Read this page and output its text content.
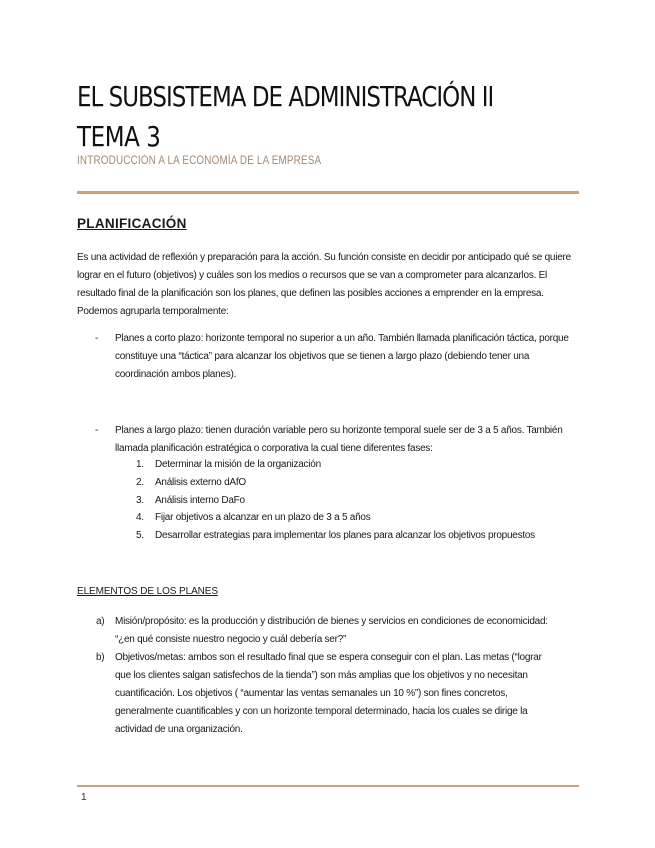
EL SUBSISTEMA DE ADMINISTRACIÓN II
TEMA 3
INTRODUCCIÓN A LA ECONOMÍA DE LA EMPRESA
PLANIFICACIÓN

Es una actividad de reflexión y preparación para la acción. Su función consiste en decidir por anticipado qué se quiere lograr en el futuro (objetivos) y cuáles son los medios o recursos que se van a comprometer para alcanzarlos. El resultado final de la planificación son los planes, que definen las posibles acciones a emprender en la empresa. Podemos agruparla temporalmente:

- Planes a corto plazo: horizonte temporal no superior a un año. También llamada planificación táctica, porque constituye una “táctica” para alcanzar los objetivos que se tienen a largo plazo (debiendo tener una coordinación ambos planes).
- Planes a largo plazo: tienen duración variable pero su horizonte temporal suele ser de 3 a 5 años. También llamada planificación estratégica o corporativa la cual tiene diferentes fases:
1. Determinar la misión de la organización
2. Análisis externo dAfO
3. Análisis interno DaFo
4. Fijar objetivos a alcanzar en un plazo de 3 a 5 años
5. Desarrollar estrategias para implementar los planes para alcanzar los objetivos propuestos
ELEMENTOS DE LOS PLANES
a) Misión/propósito: es la producción y distribución de bienes y servicios en condiciones de economicidad: “¿en qué consiste nuestro negocio y cuál debería ser?”
b) Objetivos/metas: ambos son el resultado final que se espera conseguir con el plan. Las metas (“lograr que los clientes salgan satisfechos de la tienda”) son más amplias que los objetivos y no necesitan cuantificación. Los objetivos ( “aumentar las ventas semanales un 10 %”) son fines concretos, generalmente cuantificables y con un horizonte temporal determinado, hacia los cuales se dirige la actividad de una organización.
1
